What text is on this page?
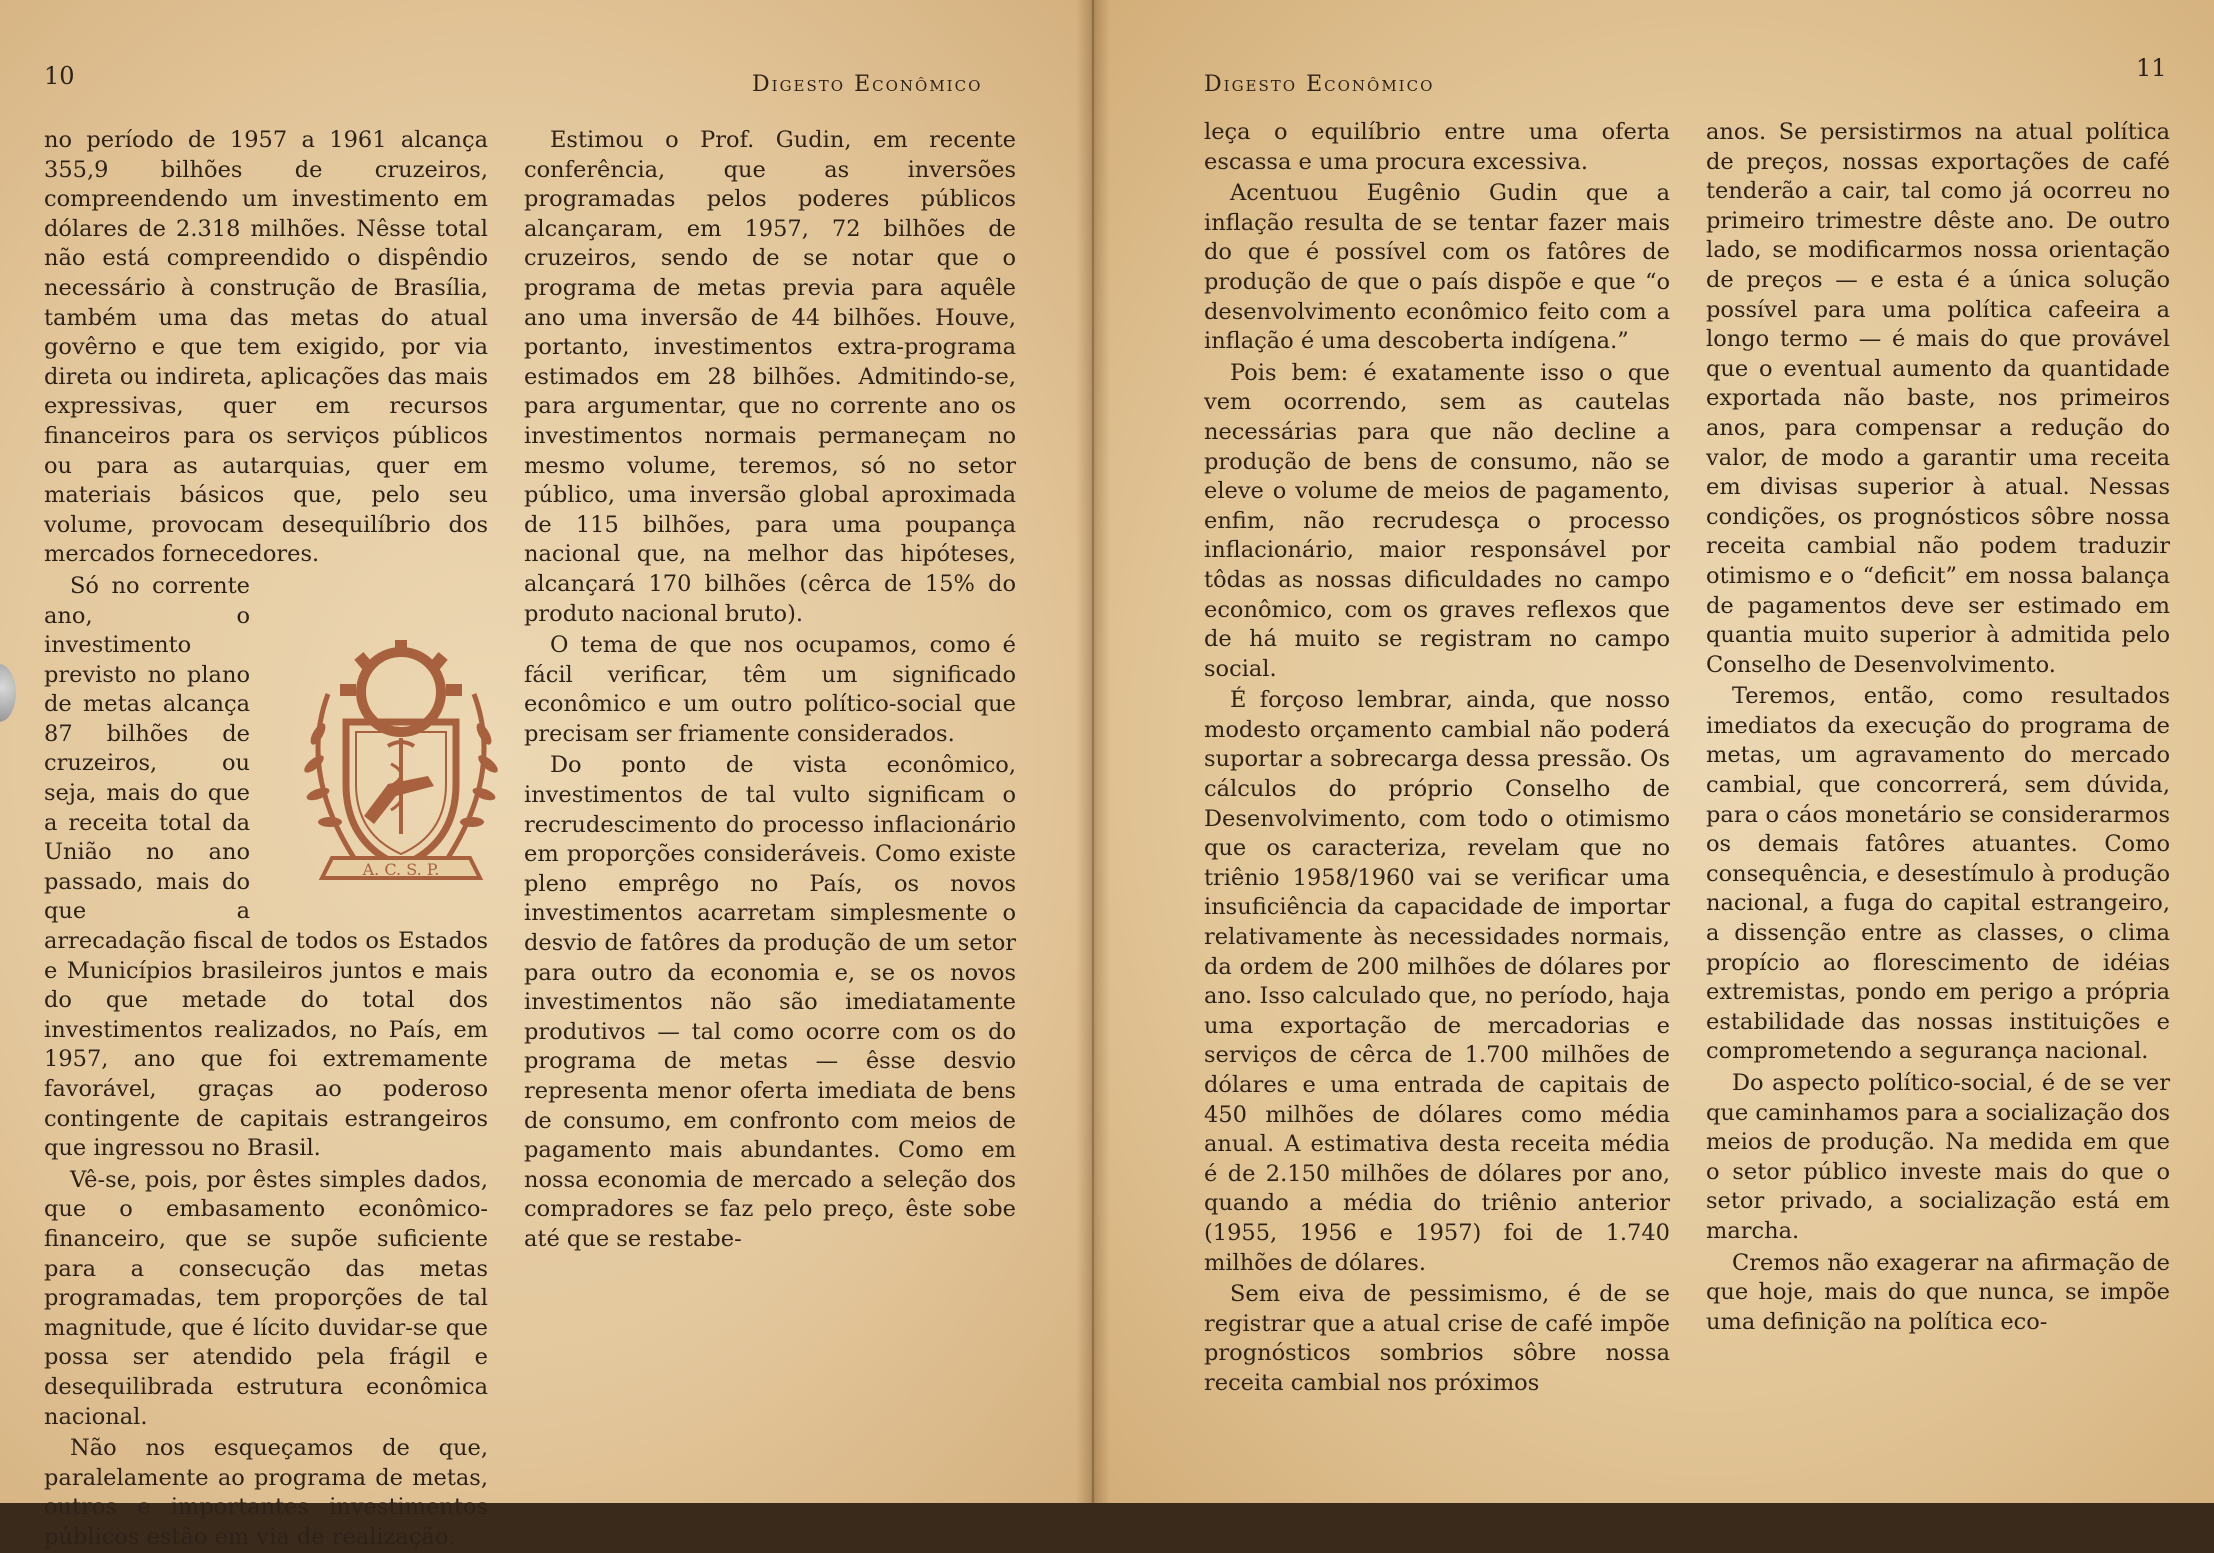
10	Digesto Econômico

no período de 1957 a 1961 alcança 355,9 bilhões de cruzeiros, compreendendo um investimento em dólares de 2.318 milhões. Nêsse total não está compreendido o dispêndio necessário à construção de Brasília, também uma das metas do atual govêrno e que tem exigido, por via direta ou indireta, aplicações das mais expressivas, quer em recursos financeiros para os serviços públicos ou para as autarquias, quer em materiais básicos que, pelo seu volume, provocam desequilíbrio dos mercados fornecedores.

A. C. S. P.
Só no corrente ano, o investimento previsto no plano de metas alcança 87 bilhões de cruzeiros, ou seja, mais do que a receita total da União no ano passado, mais do que a arrecadação fiscal de todos os Estados e Municípios brasileiros juntos e mais do que metade do total dos investimentos realizados, no País, em 1957, ano que foi extremamente favorável, graças ao poderoso contingente de capitais estrangeiros que ingressou no Brasil.

Vê-se, pois, por êstes simples dados, que o embasamento econômico-financeiro, que se supõe suficiente para a consecução das metas programadas, tem proporções de tal magnitude, que é lícito duvidar-se que possa ser atendido pela frágil e desequilibrada estrutura econômica nacional.

Não nos esqueçamos de que, paralelamente ao programa de metas, outros e importantes investimentos públicos estão em via de realização.

Estimou o Prof. Gudin, em recente conferência, que as inversões programadas pelos poderes públicos alcançaram, em 1957, 72 bilhões de cruzeiros, sendo de se notar que o programa de metas previa para aquêle ano uma inversão de 44 bilhões. Houve, portanto, investimentos extra-programa estimados em 28 bilhões. Admitindo-se, para argumentar, que no corrente ano os investimentos normais permaneçam no mesmo volume, teremos, só no setor público, uma inversão global aproximada de 115 bilhões, para uma poupança nacional que, na melhor das hipóteses, alcançará 170 bilhões (cêrca de 15% do produto nacional bruto).

O tema de que nos ocupamos, como é fácil verificar, têm um significado econômico e um outro político-social que precisam ser friamente considerados.

Do ponto de vista econômico, investimentos de tal vulto significam o recrudescimento do processo inflacionário em proporções consideráveis. Como existe pleno emprêgo no País, os novos investimentos acarretam simplesmente o desvio de fatôres da produção de um setor para outro da economia e, se os novos investimentos não são imediatamente produtivos — tal como ocorre com os do programa de metas — êsse desvio representa menor oferta imediata de bens de consumo, em confronto com meios de pagamento mais abundantes. Como em nossa economia de mercado a seleção dos compradores se faz pelo preço, êste sobe até que se restabe-

Digesto Econômico
11

leça o equilíbrio entre uma oferta escassa e uma procura excessiva.

Acentuou Eugênio Gudin que a inflação resulta de se tentar fazer mais do que é possível com os fatôres de produção de que o país dispõe e que “o desenvolvimento econômico feito com a inflação é uma descoberta indígena.”

Pois bem: é exatamente isso o que vem ocorrendo, sem as cautelas necessárias para que não decline a produção de bens de consumo, não se eleve o volume de meios de pagamento, enfim, não recrudesça o processo inflacionário, maior responsável por tôdas as nossas dificuldades no campo econômico, com os graves reflexos que de há muito se registram no campo social.

É forçoso lembrar, ainda, que nosso modesto orçamento cambial não poderá suportar a sobrecarga dessa pressão. Os cálculos do próprio Conselho de Desenvolvimento, com todo o otimismo que os caracteriza, revelam que no triênio 1958/1960 vai se verificar uma insuficiência da capacidade de importar relativamente às necessidades normais, da ordem de 200 milhões de dólares por ano. Isso calculado que, no período, haja uma exportação de mercadorias e serviços de cêrca de 1.700 milhões de dólares e uma entrada de capitais de 450 milhões de dólares como média anual. A estimativa desta receita média é de 2.150 milhões de dólares por ano, quando a média do triênio anterior (1955, 1956 e 1957) foi de 1.740 milhões de dólares.

Sem eiva de pessimismo, é de se registrar que a atual crise de café impõe prognósticos sombrios sôbre nossa receita cambial nos próximos

anos. Se persistirmos na atual política de preços, nossas exportações de café tenderão a cair, tal como já ocorreu no primeiro trimestre dêste ano. De outro lado, se modificarmos nossa orientação de preços — e esta é a única solução possível para uma política cafeeira a longo termo — é mais do que provável que o eventual aumento da quantidade exportada não baste, nos primeiros anos, para compensar a redução do valor, de modo a garantir uma receita em divisas superior à atual. Nessas condições, os prognósticos sôbre nossa receita cambial não podem traduzir otimismo e o “deficit” em nossa balança de pagamentos deve ser estimado em quantia muito superior à admitida pelo Conselho de Desenvolvimento.

Teremos, então, como resultados imediatos da execução do programa de metas, um agravamento do mercado cambial, que concorrerá, sem dúvida, para o cáos monetário se considerarmos os demais fatôres atuantes. Como consequência, e desestímulo à produção nacional, a fuga do capital estrangeiro, a dissenção entre as classes, o clima propício ao florescimento de idéias extremistas, pondo em perigo a própria estabilidade das nossas instituições e comprometendo a segurança nacional.

Do aspecto político-social, é de se ver que caminhamos para a socialização dos meios de produção. Na medida em que o setor público investe mais do que o setor privado, a socialização está em marcha.

Cremos não exagerar na afirmação de que hoje, mais do que nunca, se impõe uma definição na política eco-
